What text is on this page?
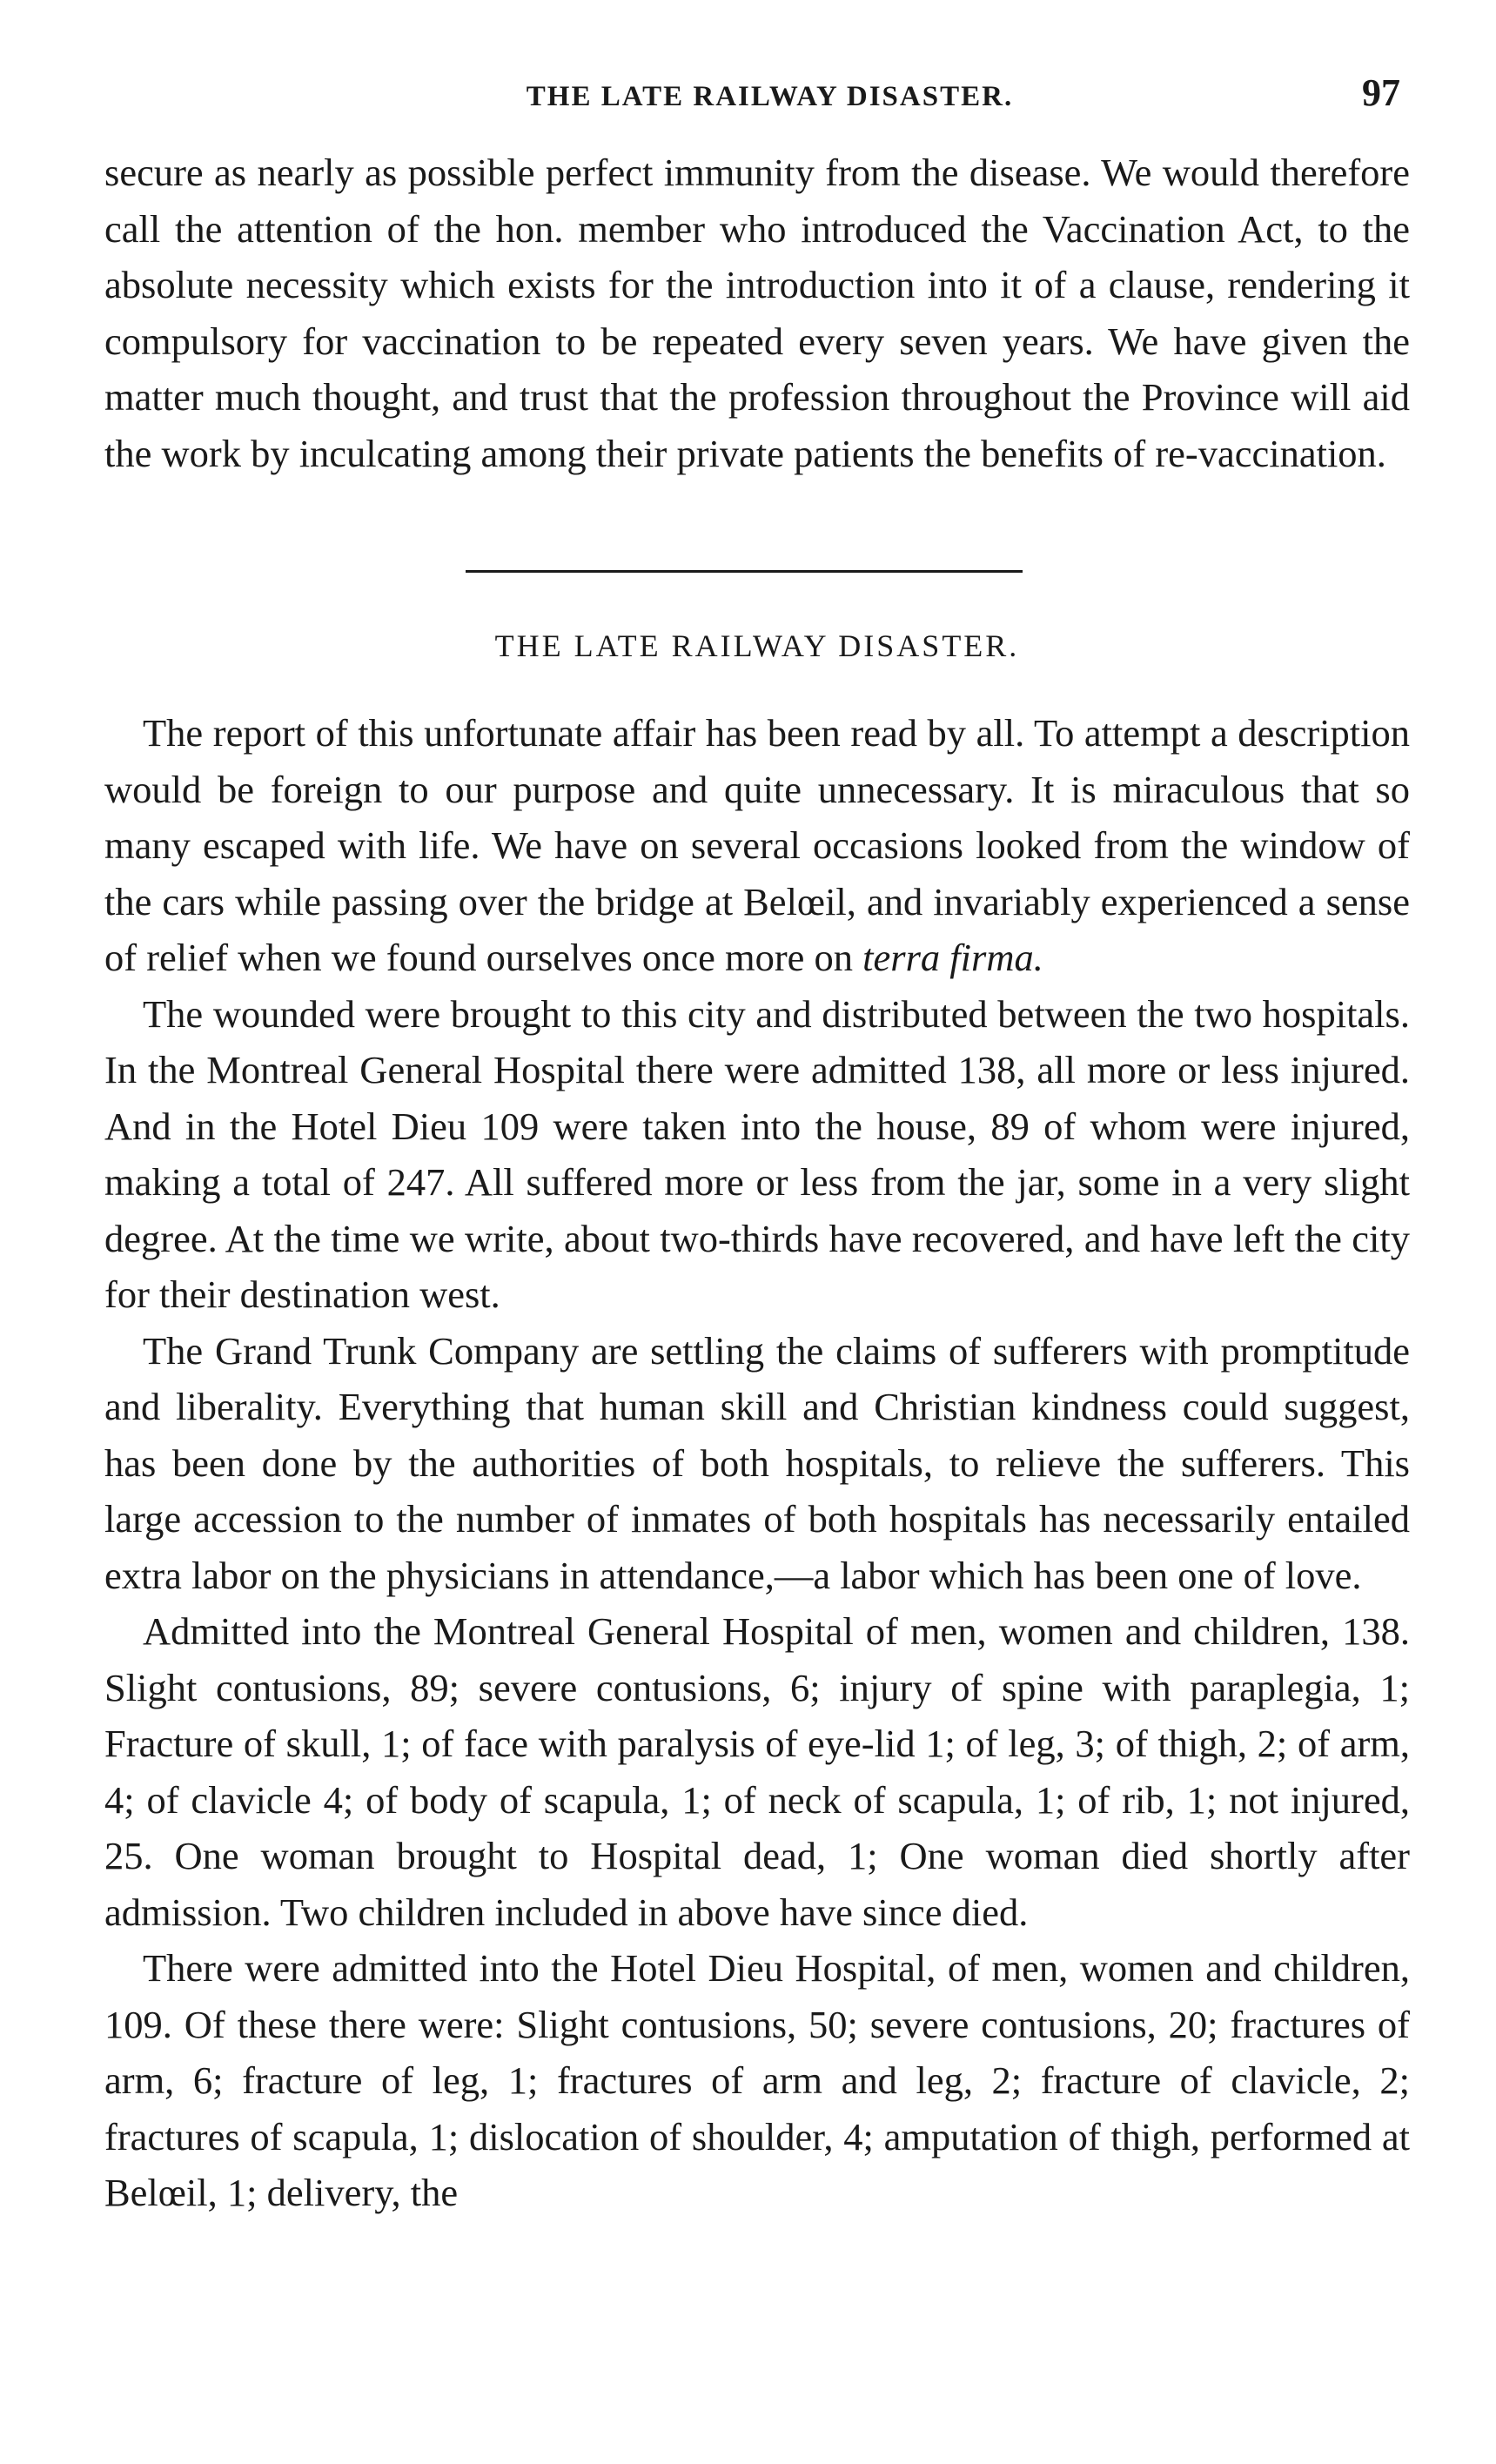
THE LATE RAILWAY DISASTER.	97

secure as nearly as possible perfect immunity from the disease. We would therefore call the attention of the hon. member who introduced the Vaccination Act, to the absolute necessity which exists for the introduction into it of a clause, rendering it compulsory for vaccination to be repeated every seven years. We have given the matter much thought, and trust that the profession throughout the Province will aid the work by inculcating among their private patients the benefits of re-vaccination.

THE LATE RAILWAY DISASTER.

The report of this unfortunate affair has been read by all. To attempt a description would be foreign to our purpose and quite unnecessary. It is miraculous that so many escaped with life. We have on several occasions looked from the window of the cars while passing over the bridge at Belœil, and invariably experienced a sense of relief when we found ourselves once more on terra firma.

The wounded were brought to this city and distributed between the two hospitals. In the Montreal General Hospital there were admitted 138, all more or less injured. And in the Hotel Dieu 109 were taken into the house, 89 of whom were injured, making a total of 247. All suffered more or less from the jar, some in a very slight degree. At the time we write, about two-thirds have recovered, and have left the city for their destination west.

The Grand Trunk Company are settling the claims of sufferers with promptitude and liberality. Everything that human skill and Christian kindness could suggest, has been done by the authorities of both hospitals, to relieve the sufferers. This large accession to the number of inmates of both hospitals has necessarily entailed extra labor on the physicians in attendance,—a labor which has been one of love.

Admitted into the Montreal General Hospital of men, women and children, 138. Slight contusions, 89; severe contusions, 6; injury of spine with paraplegia, 1; Fracture of skull, 1; of face with paralysis of eye-lid 1; of leg, 3; of thigh, 2; of arm, 4; of clavicle 4; of body of scapula, 1; of neck of scapula, 1; of rib, 1; not injured, 25. One woman brought to Hospital dead, 1; One woman died shortly after admission. Two children included in above have since died.

There were admitted into the Hotel Dieu Hospital, of men, women and children, 109. Of these there were: Slight contusions, 50; severe contusions, 20; fractures of arm, 6; fracture of leg, 1; fractures of arm and leg, 2; fracture of clavicle, 2; fractures of scapula, 1; dislocation of shoulder, 4; amputation of thigh, performed at Belœil, 1; delivery, the
